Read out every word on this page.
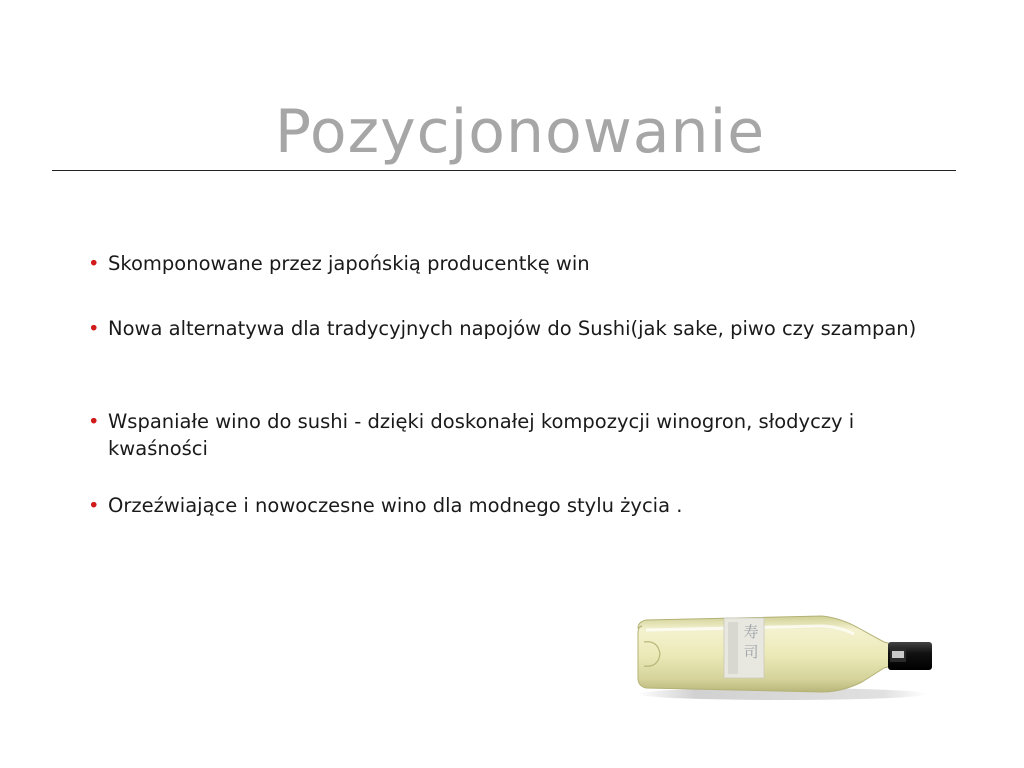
Pozycjonowanie
• Skomponowane przez japońskią producentkę win
• Nowa alternatywa dla tradycyjnych napojów do Sushi(jak sake, piwo czy szampan)
• Wspaniałe wino do sushi - dzięki doskonałej kompozycji winogron, słodyczy i kwaśności
• Orzeźwiające i nowoczesne wino dla modnego stylu życia .
寿
司
